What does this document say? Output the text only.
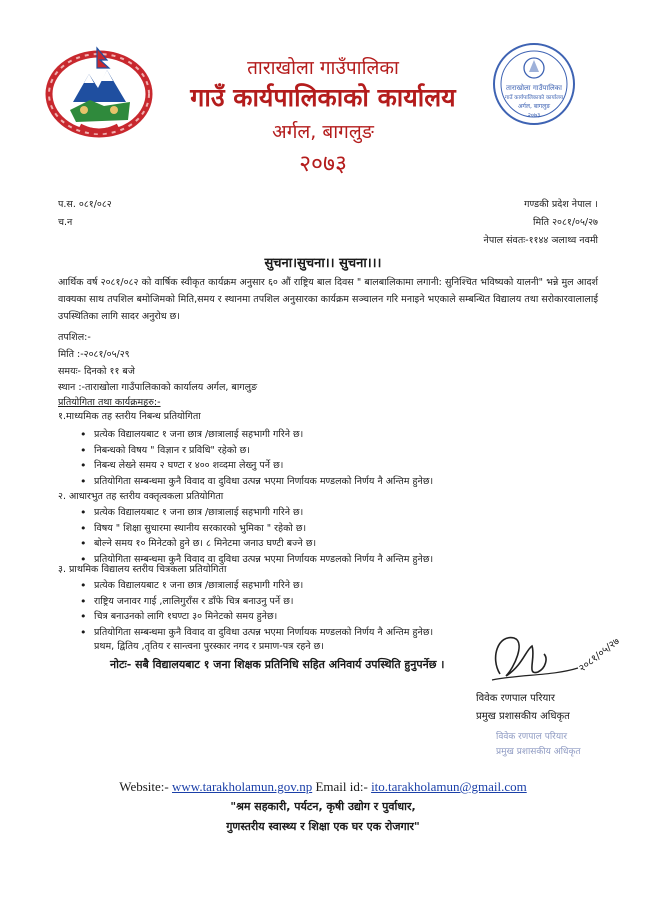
ताराखोला गाउँपालिका
गाउँ कार्यपालिकाको कार्यालय
अर्गल, बागलुङ
२०७३
ताराखोला गाउँपालिका
गाउँ कार्यपालिकाको कार्यालय
अर्गल, बागलुङ
२०७३
प.स. ०८१/०८२
च.न
गण्डकी प्रदेश नेपाल ।
मिति २०८१/०५/२७
नेपाल संवतः-११४४ ञलाथ्व नवमी
सुचना।सुचना।। सुचना।।।
आर्थिक वर्ष २०८१/०८२ को वार्षिक स्वीकृत कार्यक्रम अनुसार ६० औं राष्ट्रिय बाल दिवस " बालबालिकामा लगानी: सुनिश्चित भविष्यको यालनी" भन्ने मुल आदर्श वाक्यका साथ तपशिल बमोजिमको मिति,समय र स्थानमा तपशिल अनुसारका कार्यक्रम सञ्चालन गरि मनाइने भएकाले सम्बन्धित विद्यालय तथा सरोकारवालालाई उपस्थितिका लागि सादर अनुरोध छ।
तपशिल:-
मिति :-२०८१/०५/२९
समयः- दिनको ११ बजे
स्थान :-ताराखोला गाउँपालिकाको कार्यालय अर्गल, बागलुङ
प्रतियोगिता तथा कार्यक्रमहरु:-
१.माध्यमिक तह स्तरीय निबन्ध प्रतियोगिता
• प्रत्येक विद्यालयबाट १ जना छात्र /छात्रालाई सहभागी गरिने छ।
• निबन्धको विषय " विज्ञान र प्रविधि" रहेको छ।
• निबन्ध लेख्ने समय २ घण्टा र ४०० शव्दमा लेख्नु पर्ने छ।
• प्रतियोगिता सम्बन्धमा कुनै विवाद वा दुविधा उत्पन्न भएमा निर्णायक मण्डलको निर्णय नै अन्तिम हुनेछ।
२. आधारभुत तह स्तरीय वक्तृत्वकला प्रतियोगिता
• प्रत्येक विद्यालयबाट १ जना छात्र /छात्रालाई सहभागी गरिने छ।
• विषय " शिक्षा सुधारमा स्थानीय सरकारको भुमिका " रहेको छ।
• बोल्ने समय १० मिनेटको हुने छ। ८ मिनेटमा जनाउ घण्टी बज्ने छ।
• प्रतियोगिता सम्बन्धमा कुनै विवाद वा दुविधा उत्पन्न भएमा निर्णायक मण्डलको निर्णय नै अन्तिम हुनेछ।
३. प्राथमिक विद्यालय स्तरीय चित्रकला प्रतियोगिता
• प्रत्येक विद्यालयबाट १ जना छात्र /छात्रालाई सहभागी गरिने छ।
• राष्ट्रिय जनावर गाई ,लालिगुराँस र डाँफे चित्र बनाउनु पर्ने छ।
• चित्र बनाउनको लागि १घण्टा ३० मिनेटको समय हुनेछ।
• प्रतियोगिता सम्बन्धमा कुनै विवाद वा दुविधा उत्पन्न भएमा निर्णायक मण्डलको निर्णय नै अन्तिम हुनेछ।
प्रथम, द्वितिय ,तृतिय र सान्त्वना पुरस्कार नगद र प्रमाण-पत्र रहने छ।
नोटः- सबै विद्यालयबाट १ जना शिक्षक प्रतिनिधि सहित अनिवार्य उपस्थिति हुनुपर्नेछ ।	२०८१/०५/२७
विवेक रणपाल परियार
प्रमुख प्रशासकीय अधिकृत
विवेक रणपाल परियार
प्रमुख प्रशासकीय अधिकृत
Website:- www.tarakholamun.gov.np Email id:- ito.tarakholamun@gmail.com
"श्रम सहकारी, पर्यटन, कृषी उद्योग र पुर्वाधार,
गुणस्तरीय स्वास्थ्य र शिक्षा एक घर एक रोजगार"
